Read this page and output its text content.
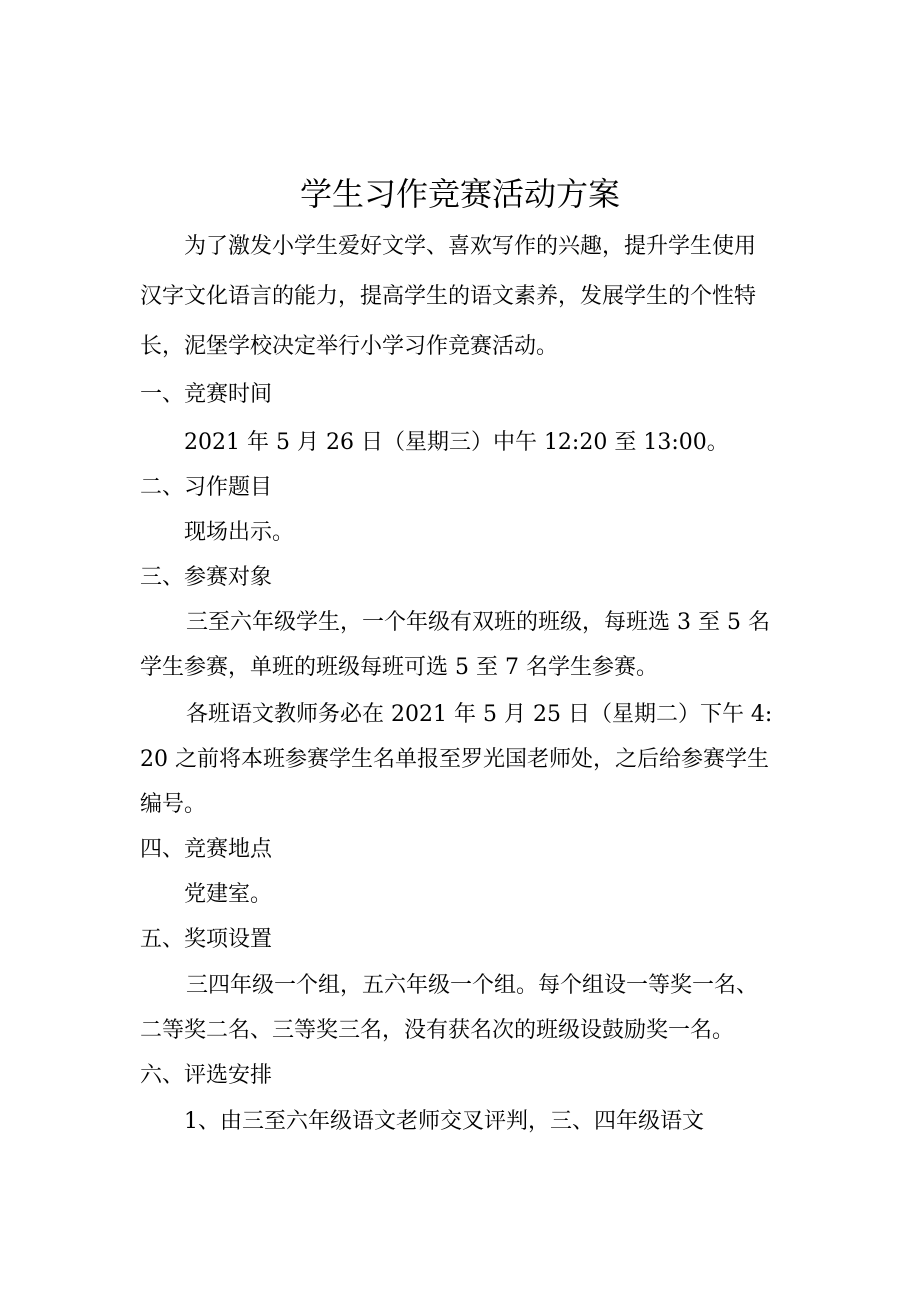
学生习作竞赛活动方案

为了激发小学生爱好文学、喜欢写作的兴趣，提升学生使用

汉字文化语言的能力，提高学生的语文素养，发展学生的个性特

长，泥堡学校决定举行小学习作竞赛活动。

一、竞赛时间

2021 年 5 月 26 日（星期三）中午 12:20 至 13:00。

二、习作题目

现场出示。

三、参赛对象

三至六年级学生，一个年级有双班的班级，每班选 3 至 5 名

学生参赛，单班的班级每班可选 5 至 7 名学生参赛。

各班语文教师务必在 2021 年 5 月 25 日（星期二）下午 4:

20 之前将本班参赛学生名单报至罗光国老师处，之后给参赛学生

编号。

四、竞赛地点

党建室。

五、奖项设置

三四年级一个组，五六年级一个组。每个组设一等奖一名、

二等奖二名、三等奖三名，没有获名次的班级设鼓励奖一名。

六、评选安排

1、由三至六年级语文老师交叉评判，三、四年级语文
